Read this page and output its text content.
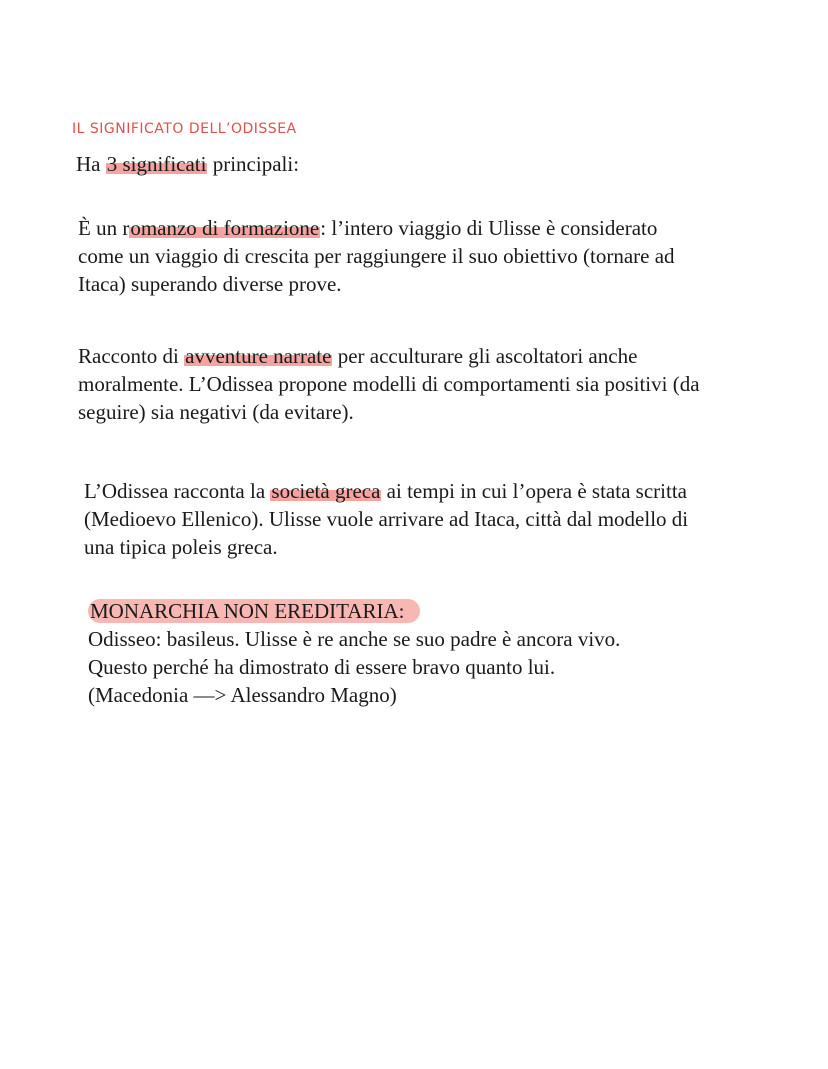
IL SIGNIFICATO DELL’ODISSEA

Ha 3 significati principali:

È un romanzo di formazione: l’intero viaggio di Ulisse è considerato
come un viaggio di crescita per raggiungere il suo obiettivo (tornare ad
Itaca) superando diverse prove.

Racconto di avventure narrate per acculturare gli ascoltatori anche
moralmente. L’Odissea propone modelli di comportamenti sia positivi (da
seguire) sia negativi (da evitare).

L’Odissea racconta la società greca ai tempi in cui l’opera è stata scritta
(Medioevo Ellenico). Ulisse vuole arrivare ad Itaca, città dal modello di
una tipica poleis greca.

MONARCHIA NON EREDITARIA:
Odisseo: basileus. Ulisse è re anche se suo padre è ancora vivo.
Questo perché ha dimostrato di essere bravo quanto lui.
(Macedonia —> Alessandro Magno)
